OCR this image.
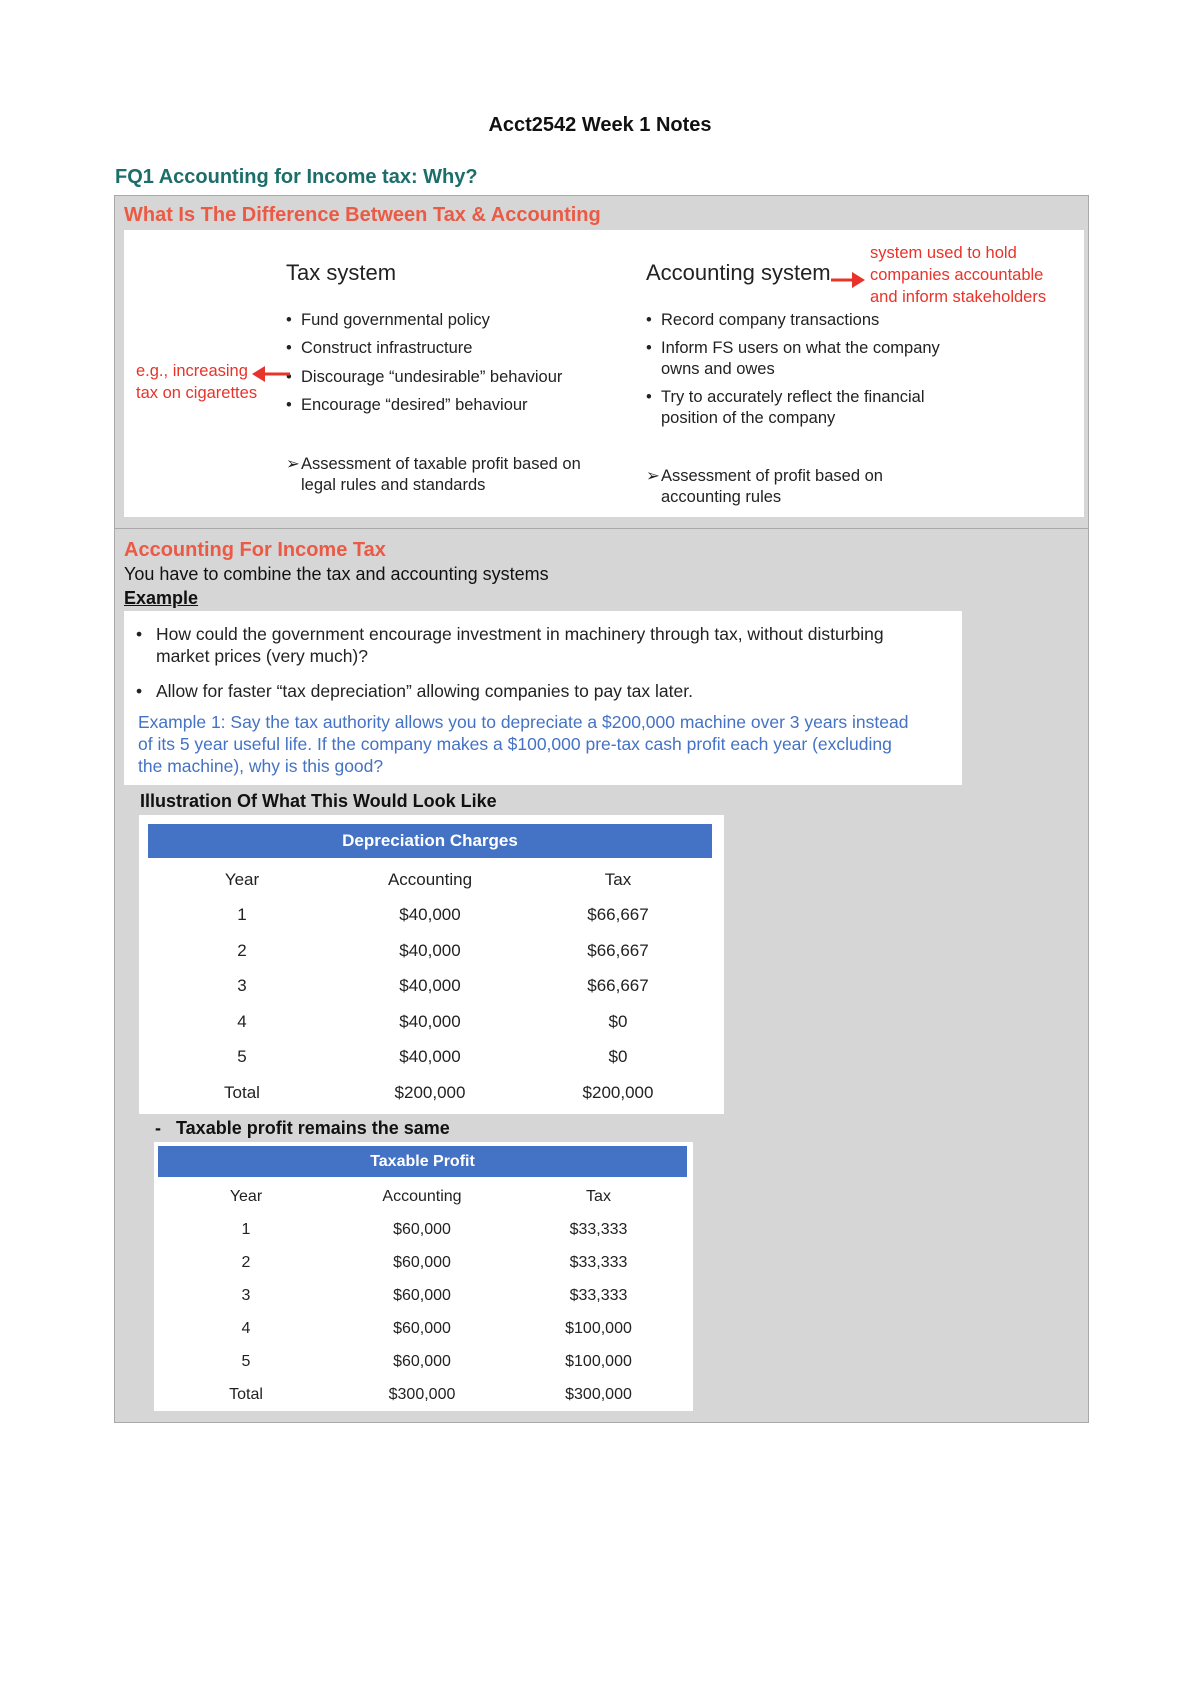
Acct2542 Week 1 Notes
FQ1 Accounting for Income tax: Why?
What Is The Difference Between Tax & Accounting
Tax system
• Fund governmental policy
• Construct infrastructure
• Discourage “undesirable” behaviour
• Encourage “desired” behaviour
➢ Assessment of taxable profit based on
legal rules and standards
e.g., increasing
tax on cigarettes
Accounting system
system used to hold
companies accountable
and inform stakeholders
• Record company transactions
• Inform FS users on what the company
owns and owes
• Try to accurately reflect the financial
position of the company
➢ Assessment of profit based on
accounting rules
Accounting For Income Tax
You have to combine the tax and accounting systems
Example
• How could the government encourage investment in machinery through tax, without disturbing
market prices (very much)?
• Allow for faster “tax depreciation” allowing companies to pay tax later.
Example 1: Say the tax authority allows you to depreciate a $200,000 machine over 3 years instead
of its 5 year useful life. If the company makes a $100,000 pre-tax cash profit each year (excluding
the machine), why is this good?
Illustration Of What This Would Look Like
Depreciation Charges
Year	Accounting	Tax
1	$40,000	$66,667
2	$40,000	$66,667
3	$40,000	$66,667
4	$40,000	$0
5	$40,000	$0
Total	$200,000	$200,000
- Taxable profit remains the same
Taxable Profit
Year	Accounting	Tax
1	$60,000	$33,333
2	$60,000	$33,333
3	$60,000	$33,333
4	$60,000	$100,000
5	$60,000	$100,000
Total	$300,000	$300,000
